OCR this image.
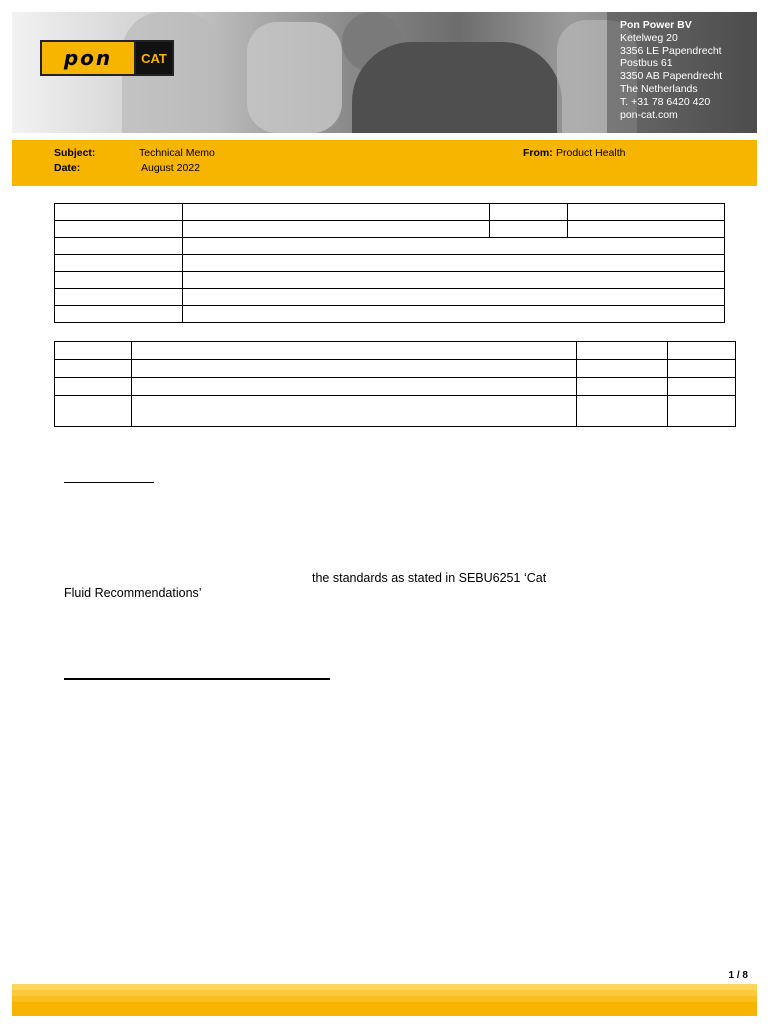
pon	CAT
Pon Power BV
Ketelweg 20
3356 LE Papendrecht
Postbus 61
3350 AB Papendrecht
The Netherlands
T. +31 78 6420 420
pon-cat.com
Subject:	Technical Memo
Date:	August 2022
From: Product Health

the standards as stated in SEBU6251 ‘Cat
Fluid Recommendations’
1 / 8
